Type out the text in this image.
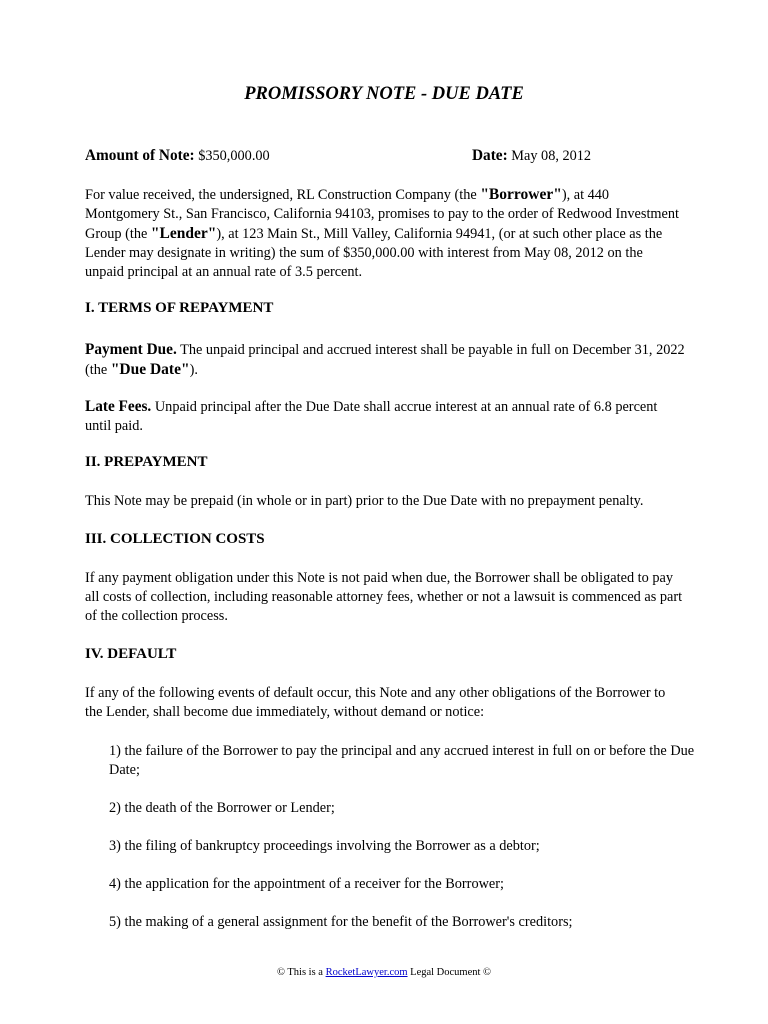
PROMISSORY NOTE - DUE DATE
Amount of Note: $350,000.00	Date: May 08, 2012

For value received, the undersigned, RL Construction Company (the "Borrower"), at 440 Montgomery St., San Francisco, California 94103, promises to pay to the order of Redwood Investment Group (the "Lender"), at 123 Main St., Mill Valley, California 94941, (or at such other place as the Lender may designate in writing) the sum of $350,000.00 with interest from May 08, 2012 on the unpaid principal at an annual rate of 3.5 percent.

I. TERMS OF REPAYMENT

Payment Due. The unpaid principal and accrued interest shall be payable in full on December 31, 2022 (the "Due Date").

Late Fees. Unpaid principal after the Due Date shall accrue interest at an annual rate of 6.8 percent until paid.

II. PREPAYMENT

This Note may be prepaid (in whole or in part) prior to the Due Date with no prepayment penalty.

III. COLLECTION COSTS

If any payment obligation under this Note is not paid when due, the Borrower shall be obligated to pay all costs of collection, including reasonable attorney fees, whether or not a lawsuit is commenced as part of the collection process.

IV. DEFAULT

If any of the following events of default occur, this Note and any other obligations of the Borrower to the Lender, shall become due immediately, without demand or notice:

1) the failure of the Borrower to pay the principal and any accrued interest in full on or before the Due Date;

2) the death of the Borrower or Lender;

3) the filing of bankruptcy proceedings involving the Borrower as a debtor;

4) the application for the appointment of a receiver for the Borrower;

5) the making of a general assignment for the benefit of the Borrower's creditors;

© This is a RocketLawyer.com Legal Document ©
